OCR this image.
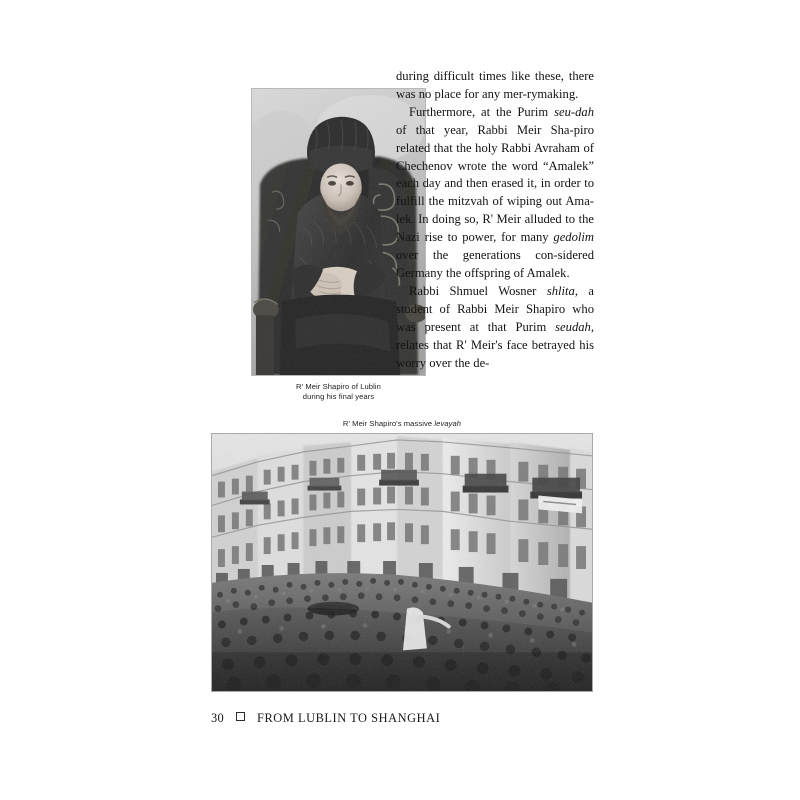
R' Meir Shapiro of Lublin
during his final years

during difficult times like these, there was no place for any mer-rymaking.

Furthermore, at the Purim seu-dah of that year, Rabbi Meir Sha-piro related that the holy Rabbi Avraham of Chechenov wrote the word “Amalek” each day and then erased it, in order to fulfill the mitzvah of wiping out Ama-lek. In doing so, R' Meir alluded to the Nazi rise to power, for many gedolim over the generations con-sidered Germany the offspring of Amalek.

Rabbi Shmuel Wosner shlita, a student of Rabbi Meir Shapiro who was present at that Purim seudah, relates that R' Meir's face betrayed his worry over the de-

R' Meir Shapiro's massive levayah
30	FROM LUBLIN TO SHANGHAI
